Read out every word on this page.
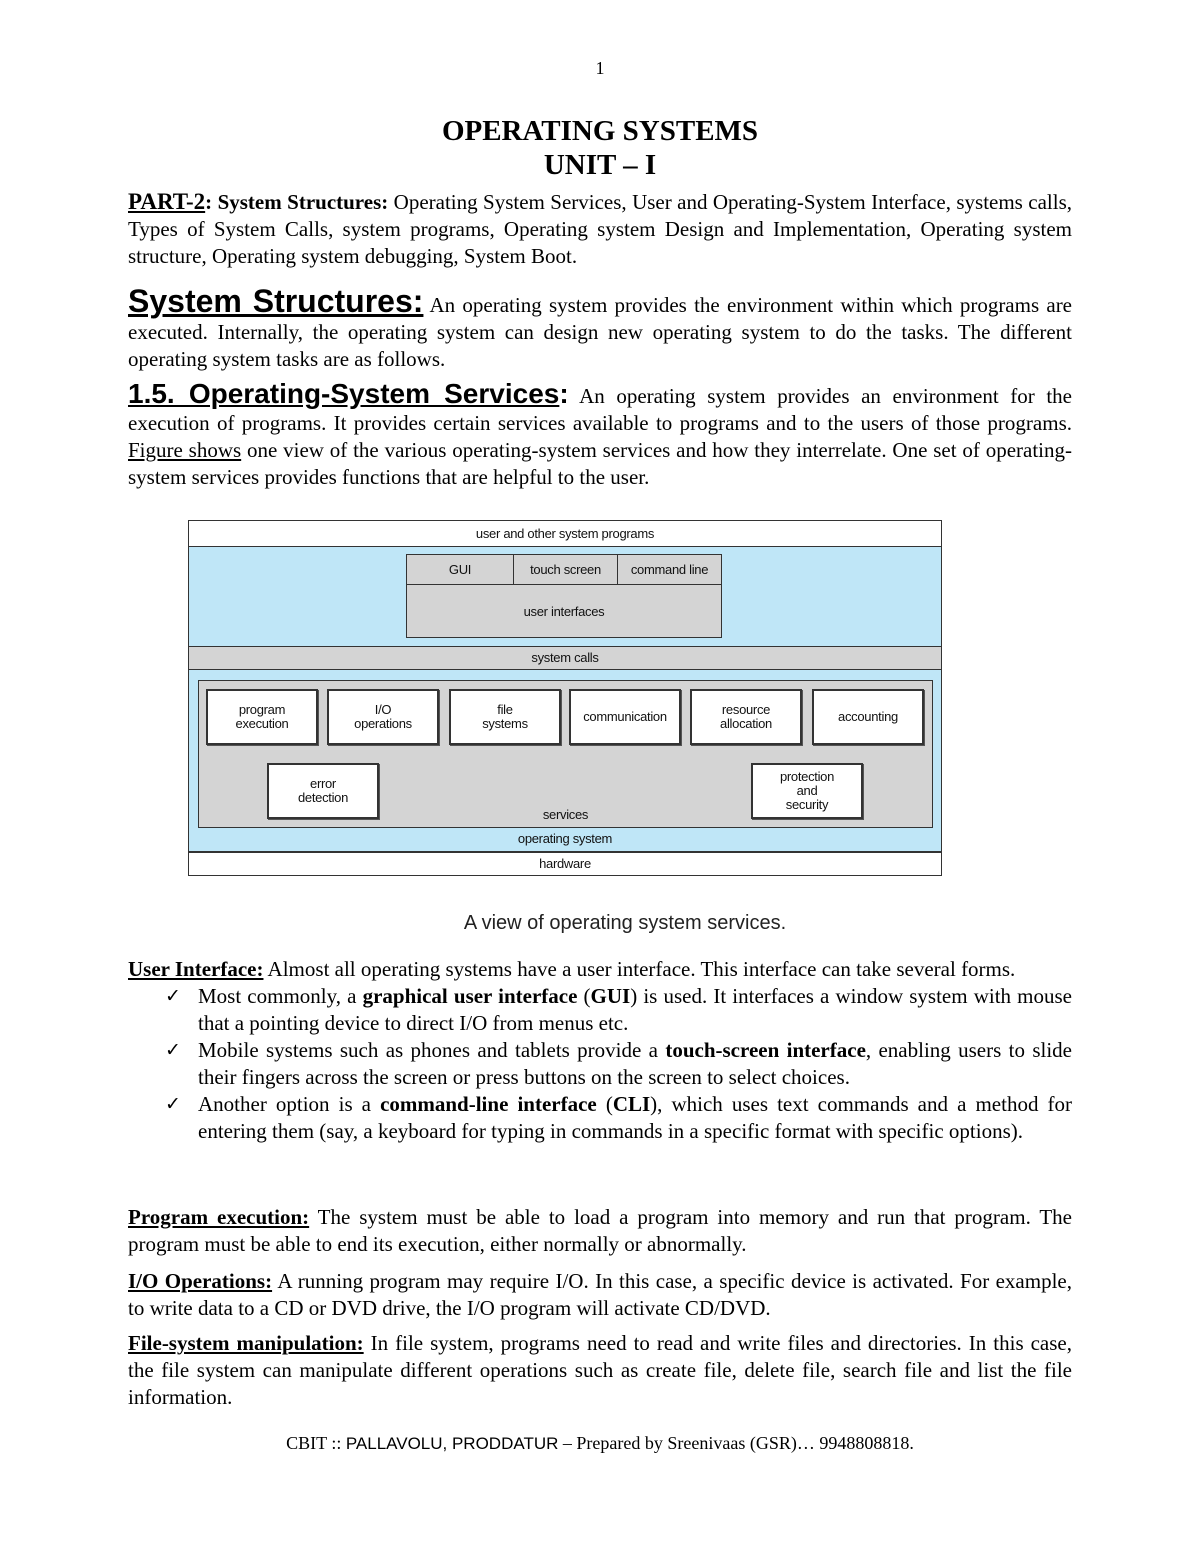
1
OPERATING SYSTEMS
UNIT – I

PART-2: System Structures: Operating System Services, User and Operating-System Interface, systems calls, Types of System Calls, system programs, Operating system Design and Implementation, Operating system structure, Operating system debugging, System Boot.

System Structures: An operating system provides the environment within which programs are executed. Internally, the operating system can design new operating system to do the tasks. The different operating system tasks are as follows.

1.5. Operating-System Services: An operating system provides an environment for the execution of programs. It provides certain services available to programs and to the users of those programs. Figure shows one view of the various operating-system services and how they interrelate. One set of operating-system services provides functions that are helpful to the user.

user and other system programs
hardware
GUI	touch screen	command line
user interfaces
system calls
program
execution
I/O
operations
file
systems	communication	resource
allocation	accounting
error
detection
protection
and
security
services
operating system
A view of operating system services.

User Interface: Almost all operating systems have a user interface. This interface can take several forms.

✓ Most commonly, a graphical user interface (GUI) is used. It interfaces a window system with mouse that a pointing device to direct I/O from menus etc.
✓ Mobile systems such as phones and tablets provide a touch-screen interface, enabling users to slide their fingers across the screen or press buttons on the screen to select choices.
✓ Another option is a command-line interface (CLI), which uses text commands and a method for entering them (say, a keyboard for typing in commands in a specific format with specific options).

Program execution: The system must be able to load a program into memory and run that program. The program must be able to end its execution, either normally or abnormally.

I/O Operations: A running program may require I/O. In this case, a specific device is activated. For example, to write data to a CD or DVD drive, the I/O program will activate CD/DVD.

File-system manipulation: In file system, programs need to read and write files and directories. In this case, the file system can manipulate different operations such as create file, delete file, search file and list the file information.

CBIT :: PALLAVOLU, PRODDATUR – Prepared by Sreenivaas (GSR)… 9948808818.
